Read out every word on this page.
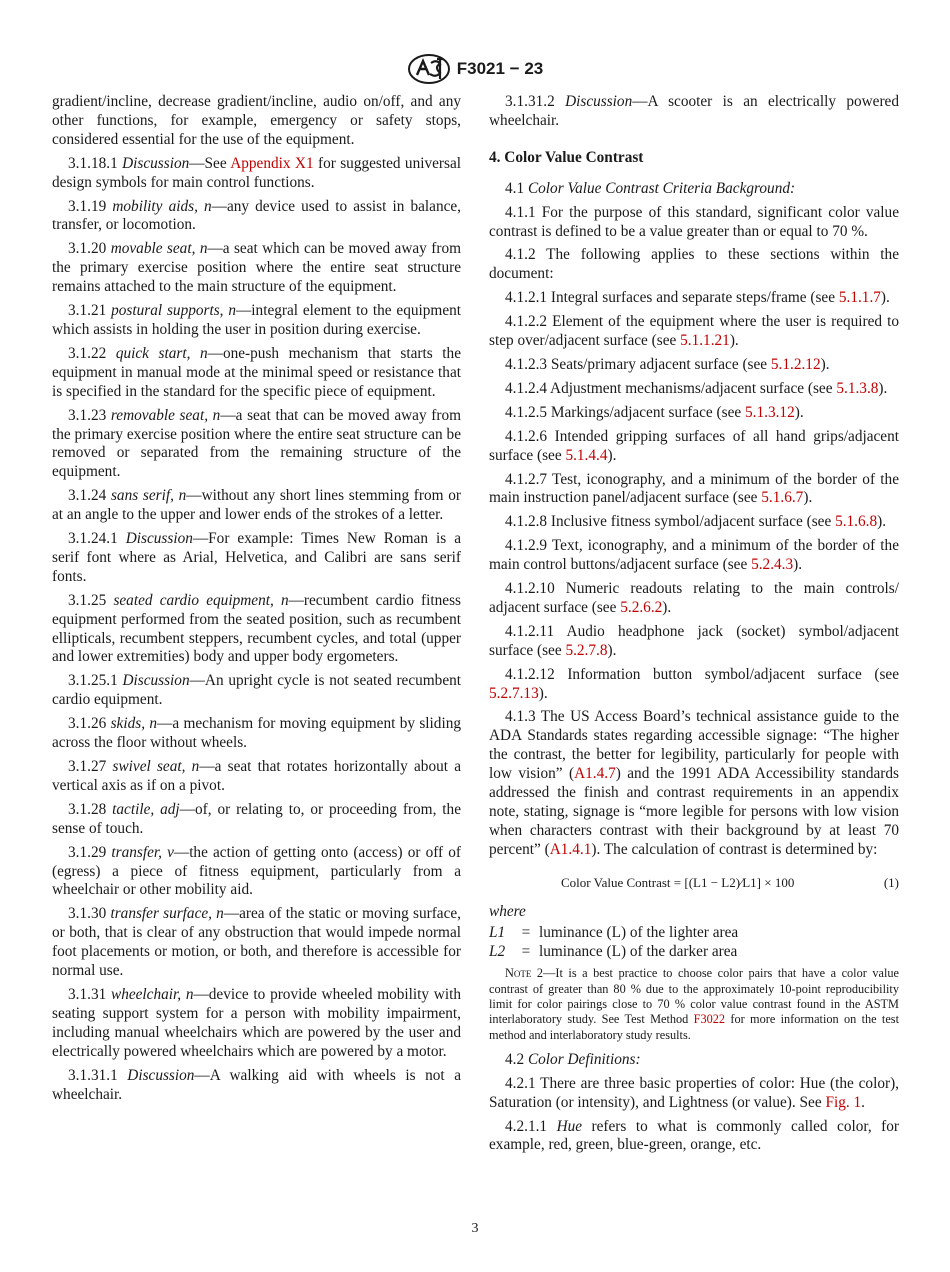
F3021 − 23

gradient/incline, decrease gradient/incline, audio on/off, and any other functions, for example, emergency or safety stops, considered essential for the use of the equipment.

3.1.18.1 Discussion—See Appendix X1 for suggested universal design symbols for main control functions.

3.1.19 mobility aids, n—any device used to assist in balance, transfer, or locomotion.

3.1.20 movable seat, n—a seat which can be moved away from the primary exercise position where the entire seat structure remains attached to the main structure of the equipment.

3.1.21 postural supports, n—integral element to the equipment which assists in holding the user in position during exercise.

3.1.22 quick start, n—one-push mechanism that starts the equipment in manual mode at the minimal speed or resistance that is specified in the standard for the specific piece of equipment.

3.1.23 removable seat, n—a seat that can be moved away from the primary exercise position where the entire seat structure can be removed or separated from the remaining structure of the equipment.

3.1.24 sans serif, n—without any short lines stemming from or at an angle to the upper and lower ends of the strokes of a letter.

3.1.24.1 Discussion—For example: Times New Roman is a serif font where as Arial, Helvetica, and Calibri are sans serif fonts.

3.1.25 seated cardio equipment, n—recumbent cardio fitness equipment performed from the seated position, such as recumbent ellipticals, recumbent steppers, recumbent cycles, and total (upper and lower extremities) body and upper body ergometers.

3.1.25.1 Discussion—An upright cycle is not seated recumbent cardio equipment.

3.1.26 skids, n—a mechanism for moving equipment by sliding across the floor without wheels.

3.1.27 swivel seat, n—a seat that rotates horizontally about a vertical axis as if on a pivot.

3.1.28 tactile, adj—of, or relating to, or proceeding from, the sense of touch.

3.1.29 transfer, v—the action of getting onto (access) or off of (egress) a piece of fitness equipment, particularly from a wheelchair or other mobility aid.

3.1.30 transfer surface, n—area of the static or moving surface, or both, that is clear of any obstruction that would impede normal foot placements or motion, or both, and therefore is accessible for normal use.

3.1.31 wheelchair, n—device to provide wheeled mobility with seating support system for a person with mobility impairment, including manual wheelchairs which are powered by the user and electrically powered wheelchairs which are powered by a motor.

3.1.31.1 Discussion—A walking aid with wheels is not a wheelchair.

3.1.31.2 Discussion—A scooter is an electrically powered wheelchair.

4. Color Value Contrast

4.1 Color Value Contrast Criteria Background:

4.1.1 For the purpose of this standard, significant color value contrast is defined to be a value greater than or equal to 70 %.

4.1.2 The following applies to these sections within the document:

4.1.2.1 Integral surfaces and separate steps/frame (see 5.1.1.7).

4.1.2.2 Element of the equipment where the user is required to step over/adjacent surface (see 5.1.1.21).

4.1.2.3 Seats/primary adjacent surface (see 5.1.2.12).

4.1.2.4 Adjustment mechanisms/adjacent surface (see 5.1.3.8).

4.1.2.5 Markings/adjacent surface (see 5.1.3.12).

4.1.2.6 Intended gripping surfaces of all hand grips/adjacent surface (see 5.1.4.4).

4.1.2.7 Test, iconography, and a minimum of the border of the main instruction panel/adjacent surface (see 5.1.6.7).

4.1.2.8 Inclusive fitness symbol/adjacent surface (see 5.1.6.8).

4.1.2.9 Text, iconography, and a minimum of the border of the main control buttons/adjacent surface (see 5.2.4.3).

4.1.2.10 Numeric readouts relating to the main controls/ adjacent surface (see 5.2.6.2).

4.1.2.11 Audio headphone jack (socket) symbol/adjacent surface (see 5.2.7.8).

4.1.2.12 Information button symbol/adjacent surface (see 5.2.7.13).

4.1.3 The US Access Board’s technical assistance guide to the ADA Standards states regarding accessible signage: “The higher the contrast, the better for legibility, particularly for people with low vision” (A1.4.7) and the 1991 ADA Accessibility standards addressed the finish and contrast requirements in an appendix note, stating, signage is “more legible for persons with low vision when characters contrast with their background by at least 70 percent” (A1.4.1). The calculation of contrast is determined by:

Color Value Contrast = [(L1 − L2)⁄L1] × 100	(1)
where
L1	= luminance (L) of the lighter area
L2	= luminance (L) of the darker area

Note 2—It is a best practice to choose color pairs that have a color value contrast of greater than 80 % due to the approximately 10-point reproducibility limit for color pairings close to 70 % color value contrast found in the ASTM interlaboratory study. See Test Method F3022 for more information on the test method and interlaboratory study results.

4.2 Color Definitions:

4.2.1 There are three basic properties of color: Hue (the color), Saturation (or intensity), and Lightness (or value). See Fig. 1.

4.2.1.1 Hue refers to what is commonly called color, for example, red, green, blue-green, orange, etc.

3
